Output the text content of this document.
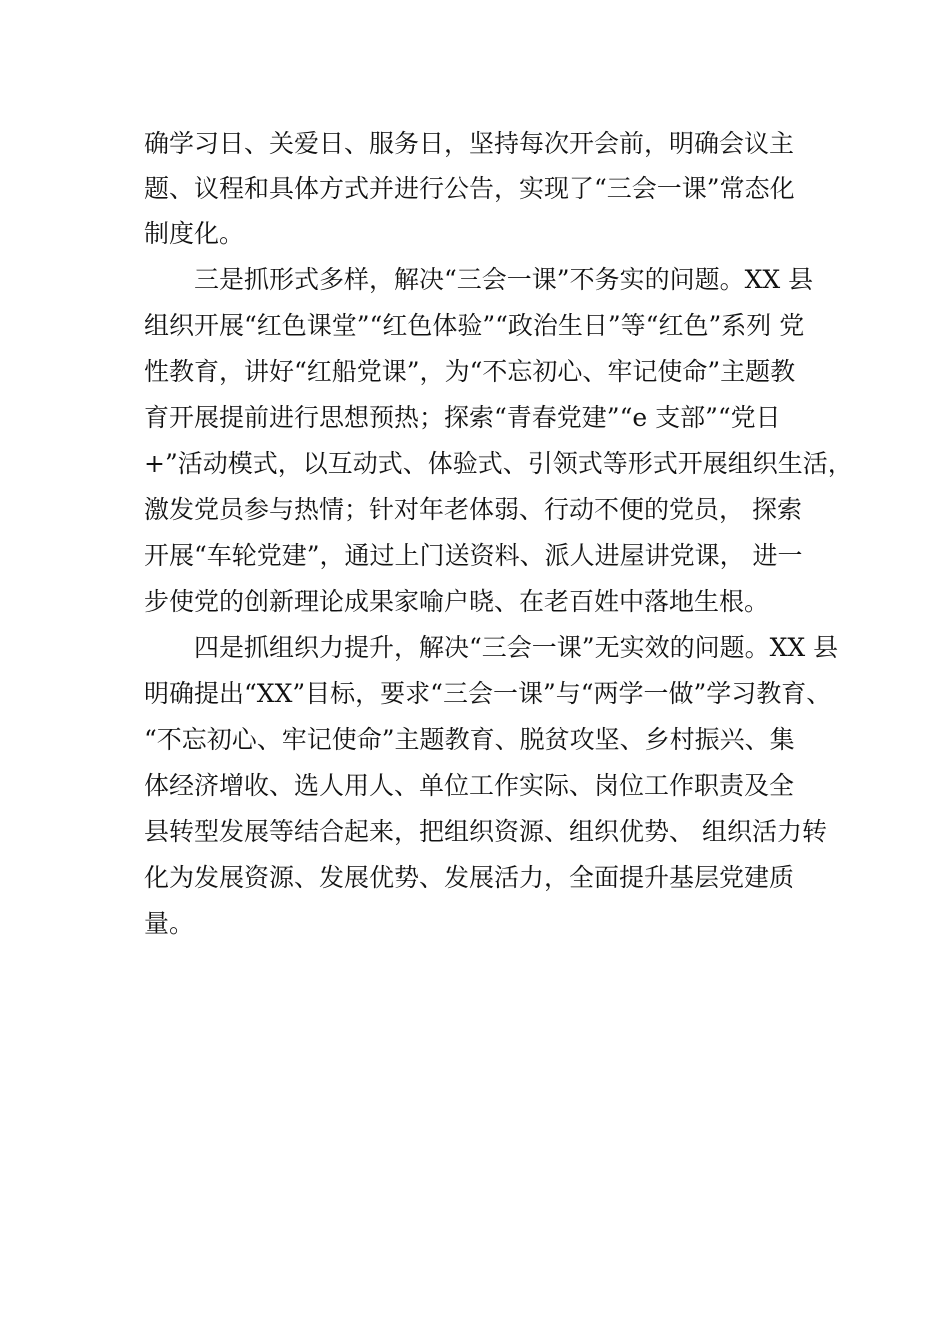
确学习日、关爱日、服务日，坚持每次开会前，明确会议主
题、议程和具体方式并进行公告，实现了“三会一课”常态化
制度化。
三是抓形式多样，解决“三会一课”不务实的问题。XX 县
组织开展“红色课堂”“红色体验”“政治生日”等“红色”系列 党
性教育，讲好“红船党课”，为“不忘初心、牢记使命”主题教
育开展提前进行思想预热；探索“青春党建”“e 支部”“党日
+”活动模式，以互动式、体验式、引领式等形式开展组织生活，
激发党员参与热情；针对年老体弱、行动不便的党员， 探索
开展“车轮党建”，通过上门送资料、派人进屋讲党课， 进一
步使党的创新理论成果家喻户晓、在老百姓中落地生根。
四是抓组织力提升，解决“三会一课”无实效的问题。XX 县
明确提出“XX”目标，要求“三会一课”与“两学一做”学习教育、
“不忘初心、牢记使命”主题教育、脱贫攻坚、乡村振兴、集
体经济增收、选人用人、单位工作实际、岗位工作职责及全
县转型发展等结合起来，把组织资源、组织优势、 组织活力转
化为发展资源、发展优势、发展活力，全面提升基层党建质
量。
